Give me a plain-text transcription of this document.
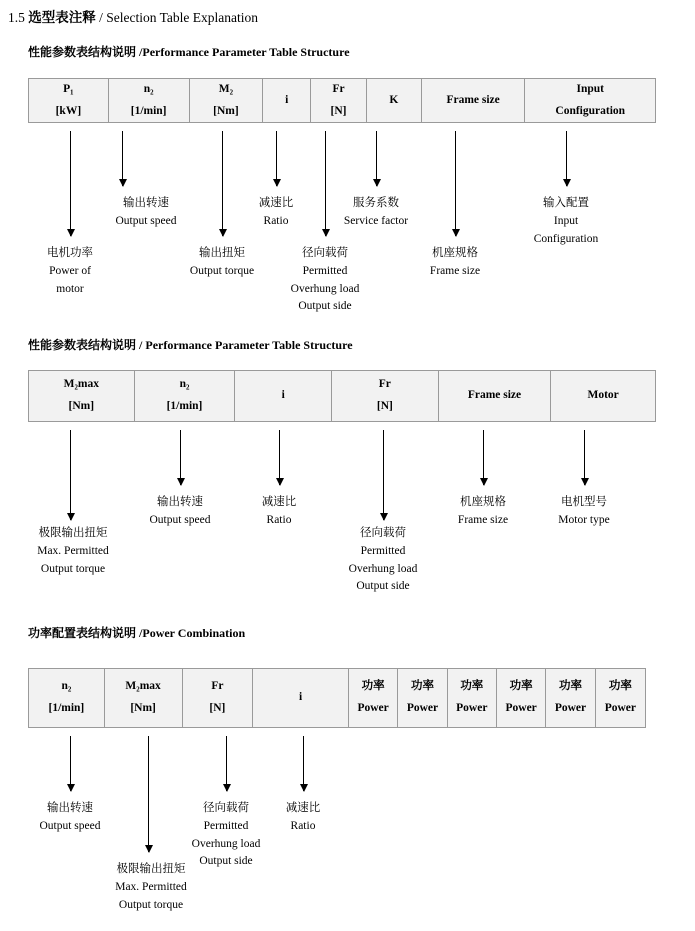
1.5 选型表注释 / Selection Table Explanation
性能参数表结构说明 /Performance Parameter Table Structure
P₁
[kW]
n₂
[1/min]
M₂
[Nm]
i
Fr
[N]
K	Frame size
Input
Configuration
电机功率
Power of
motor
输出转速
Output speed
输出扭矩
Output torque
减速比
Ratio
径向载荷
Permitted
Overhung load
Output side
服务系数
Service factor
机座规格
Frame size
输入配置
Input
Configuration
性能参数表结构说明 / Performance Parameter Table Structure
M₂max
[Nm]
n₂
[1/min]
i
Fr
[N]
Frame size	Motor
极限输出扭矩
Max. Permitted
Output torque
输出转速
Output speed
减速比
Ratio
径向载荷
Permitted
Overhung load
Output side
机座规格
Frame size
电机型号
Motor type
功率配置表结构说明 /Power Combination
n₂
[1/min]
M₂max
[Nm]
Fr
[N]
i
功率
Power
功率
Power
功率
Power
功率
Power
功率
Power
功率
Power
输出转速
Output speed
极限输出扭矩
Max. Permitted
Output torque
径向载荷
Permitted
Overhung load
Output side
减速比
Ratio
